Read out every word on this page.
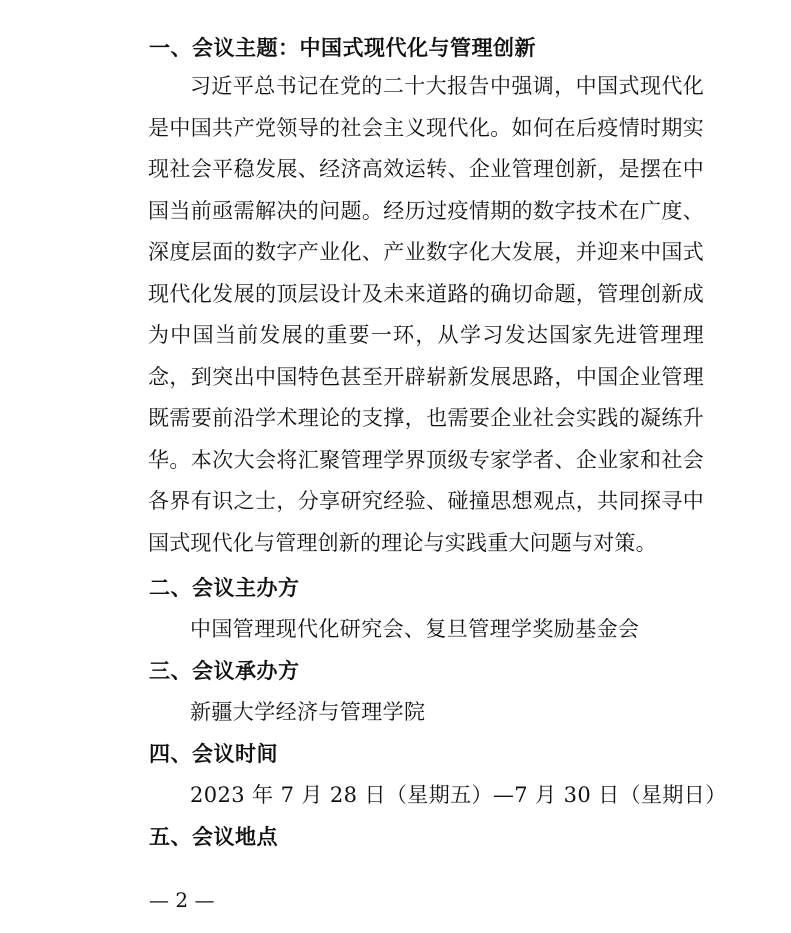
一、会议主题：中国式现代化与管理创新
习近平总书记在党的二十大报告中强调，中国式现代化是中国共产党领导的社会主义现代化。如何在后疫情时期实现社会平稳发展、经济高效运转、企业管理创新，是摆在中国当前亟需解决的问题。经历过疫情期的数字技术在广度、深度层面的数字产业化、产业数字化大发展，并迎来中国式现代化发展的顶层设计及未来道路的确切命题，管理创新成为中国当前发展的重要一环，从学习发达国家先进管理理念，到突出中国特色甚至开辟崭新发展思路，中国企业管理既需要前沿学术理论的支撑，也需要企业社会实践的凝练升华。本次大会将汇聚管理学界顶级专家学者、企业家和社会各界有识之士，分享研究经验、碰撞思想观点，共同探寻中国式现代化与管理创新的理论与实践重大问题与对策。
二、会议主办方
中国管理现代化研究会、复旦管理学奖励基金会
三、会议承办方
新疆大学经济与管理学院
四、会议时间
2023 年 7 月 28 日（星期五）—7 月 30 日（星期日）
五、会议地点
— 2 —
